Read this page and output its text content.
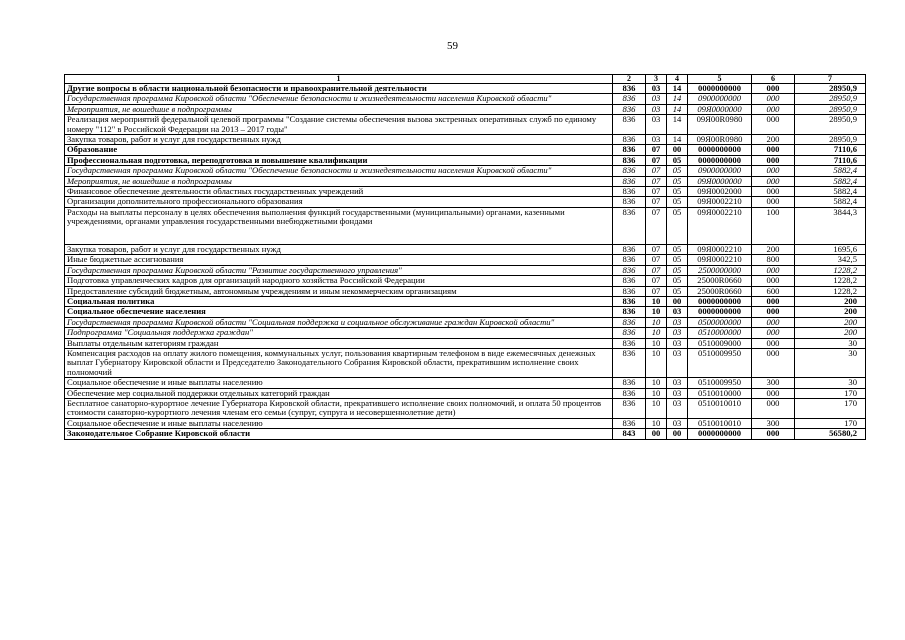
59
1	2	3	4	5	6	7
Другие вопросы в области национальной безопасности и правоохранительной деятельности	836	03	14	0000000000	000	28950,9
Государственная программа Кировской области "Обеспечение безопасности и жизнедеятельности населения Кировской области"	836	03	14	0900000000	000	28950,9
Мероприятия, не вошедшие в подпрограммы	836	03	14	09Я0000000	000	28950,9
Реализация мероприятий федеральной целевой программы "Создание системы обеспечения вызова экстренных оперативных служб по единому номеру "112" в Российской Федерации на 2013 – 2017 годы"	836	03	14	09Я00R0980	000	28950,9
Закупка товаров, работ и услуг для государственных нужд	836	03	14	09Я00R0980	200	28950,9
Образование	836	07	00	0000000000	000	7110,6
Профессиональная подготовка, переподготовка и повышение квалификации	836	07	05	0000000000	000	7110,6
Государственная программа Кировской области "Обеспечение безопасности и жизнедеятельности населения Кировской области"	836	07	05	0900000000	000	5882,4
Мероприятия, не вошедшие в подпрограммы	836	07	05	09Я0000000	000	5882,4
Финансовое обеспечение деятельности областных государственных учреждений	836	07	05	09Я0002000	000	5882,4
Организации дополнительного профессионального образования	836	07	05	09Я0002210	000	5882,4
Расходы на выплаты персоналу в целях обеспечения выполнения функций государственными (муниципальными) органами, казенными учреждениями, органами управления государственными внебюджетными фондами	836	07	05	09Я0002210	100	3844,3
Закупка товаров, работ и услуг для государственных нужд	836	07	05	09Я0002210	200	1695,6
Иные бюджетные ассигнования	836	07	05	09Я0002210	800	342,5
Государственная программа Кировской области "Развитие государственного управления"	836	07	05	2500000000	000	1228,2
Подготовка управленческих кадров для организаций народного хозяйства Российской Федерации	836	07	05	25000R0660	000	1228,2
Предоставление субсидий бюджетным, автономным учреждениям и иным некоммерческим организациям	836	07	05	25000R0660	600	1228,2
Социальная политика	836	10	00	0000000000	000	200
Социальное обеспечение населения	836	10	03	0000000000	000	200
Государственная программа Кировской области "Социальная поддержка и социальное обслуживание граждан Кировской области"	836	10	03	0500000000	000	200
Подпрограмма "Социальная поддержка граждан"	836	10	03	0510000000	000	200
Выплаты отдельным категориям граждан	836	10	03	0510009000	000	30
Компенсация расходов на оплату жилого помещения, коммунальных услуг, пользования квартирным телефоном в виде ежемесячных денежных выплат Губернатору Кировской области и Председателю Законодательного Собрания Кировской области, прекратившим исполнение своих полномочий	836	10	03	0510009950	000	30
Социальное обеспечение и иные выплаты населению	836	10	03	0510009950	300	30
Обеспечение мер социальной поддержки отдельных категорий граждан	836	10	03	0510010000	000	170
Бесплатное санаторно-курортное лечение Губернатора Кировской области, прекратившего исполнение своих полномочий, и оплата 50 процентов стоимости санаторно-курортного лечения членам его семьи (супруг, супруга и несовершеннолетние дети)	836	10	03	0510010010	000	170
Социальное обеспечение и иные выплаты населению	836	10	03	0510010010	300	170
Законодательное Собрание Кировской области	843	00	00	0000000000	000	56580,2
